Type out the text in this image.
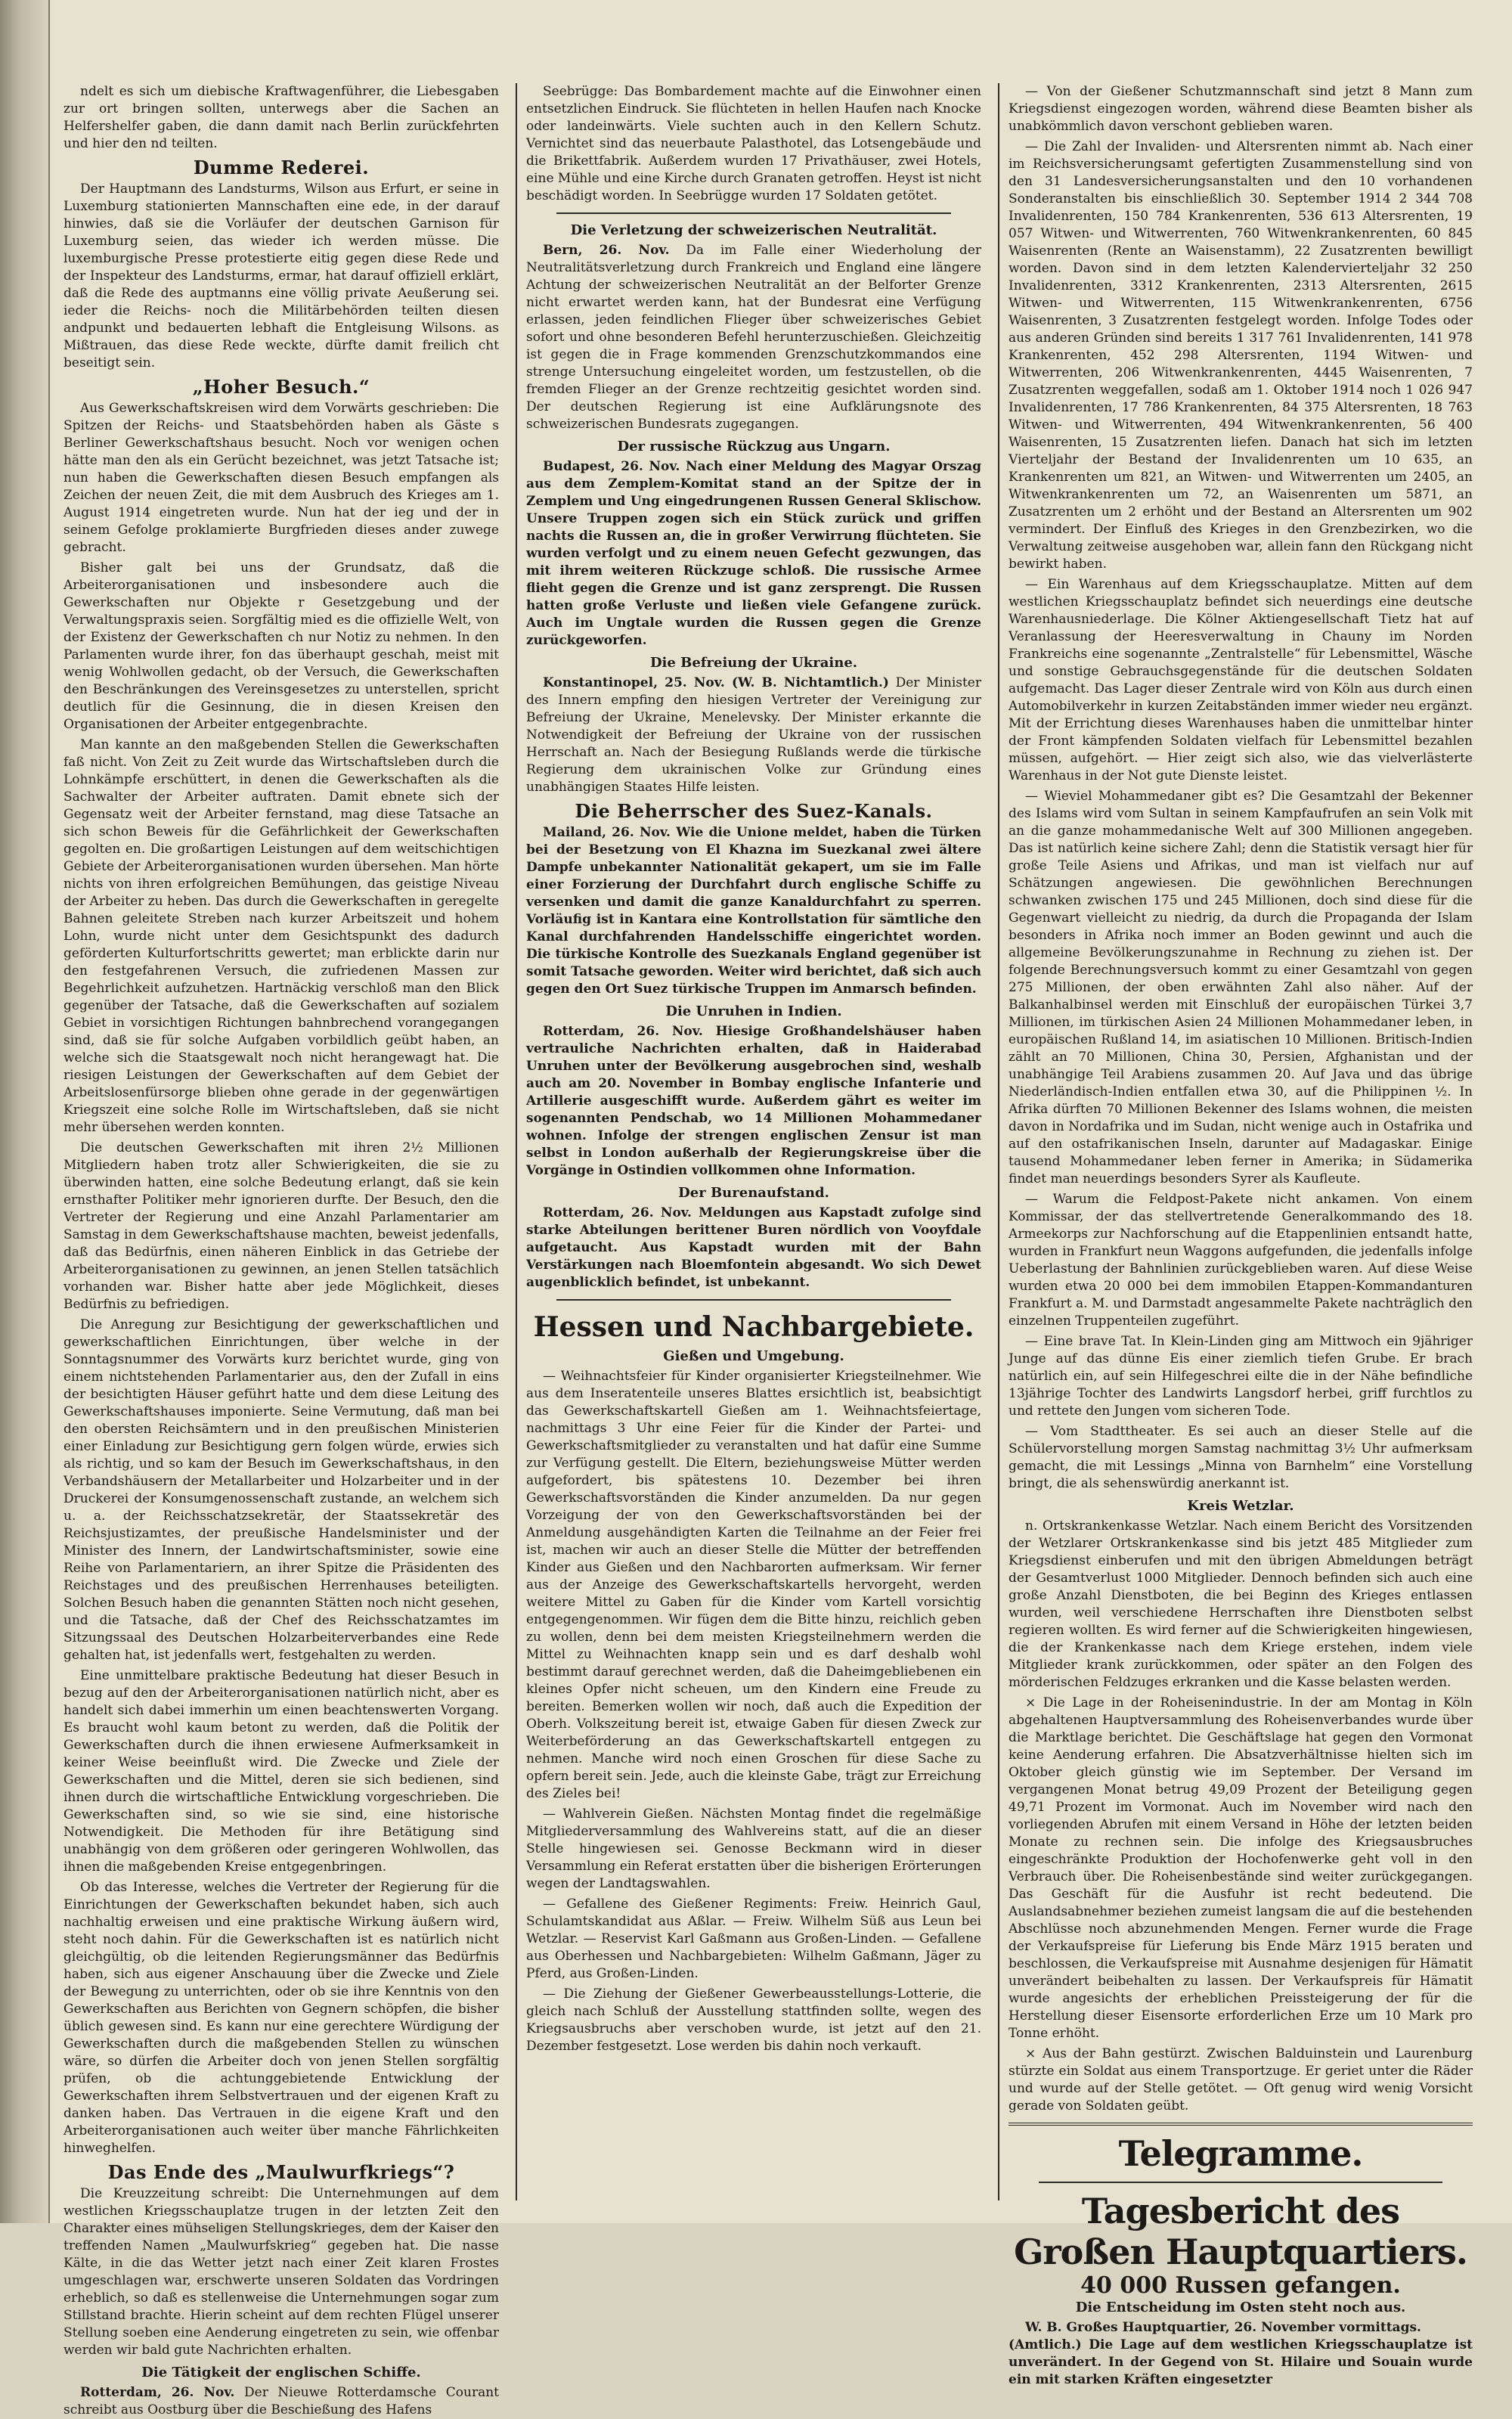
ndelt es sich um diebische Kraftwagenführer, die Liebesgaben zur ort bringen sollten, unterwegs aber die Sachen an Helfershelfer gaben, die dann damit nach Berlin zurückfehrten und hier den nd teilten.

Dumme Rederei.

Der Hauptmann des Landsturms, Wilson aus Erfurt, er seine in Luxemburg stationierten Mannschaften eine ede, in der darauf hinwies, daß sie die Vorläufer der deutschen Garnison für Luxemburg seien, das wieder ich werden müsse. Die luxemburgische Presse protestierte eitig gegen diese Rede und der Inspekteur des Landsturms, ermar, hat darauf offiziell erklärt, daß die Rede des auptmanns eine völlig private Aeußerung sei. ieder die Reichs- noch die Militärbehörden teilten diesen andpunkt und bedauerten lebhaft die Entgleisung Wilsons. as Mißtrauen, das diese Rede weckte, dürfte damit freilich cht beseitigt sein.

„Hoher Besuch.“

Aus Gewerkschaftskreisen wird dem Vorwärts geschrieben: Die Spitzen der Reichs- und Staatsbehörden haben als Gäste s Berliner Gewerkschaftshaus besucht. Noch vor wenigen ochen hätte man den als ein Gerücht bezeichnet, was jetzt Tatsache ist; nun haben die Gewerkschaften diesen Besuch empfangen als Zeichen der neuen Zeit, die mit dem Ausbruch des Krieges am 1. August 1914 eingetreten wurde. Nun hat der ieg und der in seinem Gefolge proklamierte Burgfrieden dieses ander zuwege gebracht.

Bisher galt bei uns der Grundsatz, daß die Arbeiterorganisationen und insbesondere auch die Gewerkschaften nur Objekte r Gesetzgebung und der Verwaltungspraxis seien. Sorgfältig mied es die offizielle Welt, von der Existenz der Gewerkschaften ch nur Notiz zu nehmen. In den Parlamenten wurde ihrer, fon das überhaupt geschah, meist mit wenig Wohlwollen gedacht, ob der Versuch, die Gewerkschaften den Beschränkungen des Vereinsgesetzes zu unterstellen, spricht deutlich für die Gesinnung, die in diesen Kreisen den Organisationen der Arbeiter entgegenbrachte.

Man kannte an den maßgebenden Stellen die Gewerkschaften faß nicht. Von Zeit zu Zeit wurde das Wirtschaftsleben durch die Lohnkämpfe erschüttert, in denen die Gewerkschaften als die Sachwalter der Arbeiter auftraten. Damit ebnete sich der Gegensatz weit der Arbeiter fernstand, mag diese Tatsache an sich schon Beweis für die Gefährlichkeit der Gewerkschaften gegolten en. Die großartigen Leistungen auf dem weitschichtigen Gebiete der Arbeiterorganisationen wurden übersehen. Man hörte nichts von ihren erfolgreichen Bemühungen, das geistige Niveau der Arbeiter zu heben. Das durch die Gewerkschaften in geregelte Bahnen geleitete Streben nach kurzer Arbeitszeit und hohem Lohn, wurde nicht unter dem Gesichtspunkt des dadurch geförderten Kulturfortschritts gewertet; man erblickte darin nur den festgefahrenen Versuch, die zufriedenen Massen zur Begehrlichkeit aufzuhetzen. Hartnäckig verschloß man den Blick gegenüber der Tatsache, daß die Gewerkschaften auf sozialem Gebiet in vorsichtigen Richtungen bahnbrechend vorangegangen sind, daß sie für solche Aufgaben vorbildlich geübt haben, an welche sich die Staatsgewalt noch nicht herangewagt hat. Die riesigen Leistungen der Gewerkschaften auf dem Gebiet der Arbeitslosenfürsorge blieben ohne gerade in der gegenwärtigen Kriegszeit eine solche Rolle im Wirtschaftsleben, daß sie nicht mehr übersehen werden konnten.

Die deutschen Gewerkschaften mit ihren 2½ Millionen Mitgliedern haben trotz aller Schwierigkeiten, die sie zu überwinden hatten, eine solche Bedeutung erlangt, daß sie kein ernsthafter Politiker mehr ignorieren durfte. Der Besuch, den die Vertreter der Regierung und eine Anzahl Parlamentarier am Samstag in dem Gewerkschaftshause machten, beweist jedenfalls, daß das Bedürfnis, einen näheren Einblick in das Getriebe der Arbeiterorganisationen zu gewinnen, an jenen Stellen tatsächlich vorhanden war. Bisher hatte aber jede Möglichkeit, dieses Bedürfnis zu befriedigen.

Die Anregung zur Besichtigung der gewerkschaftlichen und gewerkschaftlichen Einrichtungen, über welche in der Sonntagsnummer des Vorwärts kurz berichtet wurde, ging von einem nichtstehenden Parlamentarier aus, den der Zufall in eins der besichtigten Häuser geführt hatte und dem diese Leitung des Gewerkschaftshauses imponierte. Seine Vermutung, daß man bei den obersten Reichsämtern und in den preußischen Ministerien einer Einladung zur Besichtigung gern folgen würde, erwies sich als richtig, und so kam der Besuch im Gewerkschaftshaus, in den Verbandshäusern der Metallarbeiter und Holzarbeiter und in der Druckerei der Konsumgenossenschaft zustande, an welchem sich u. a. der Reichsschatzsekretär, der Staatssekretär des Reichsjustizamtes, der preußische Handelsminister und der Minister des Innern, der Landwirtschaftsminister, sowie eine Reihe von Parlamentariern, an ihrer Spitze die Präsidenten des Reichstages und des preußischen Herrenhauses beteiligten. Solchen Besuch haben die genannten Stätten noch nicht gesehen, und die Tatsache, daß der Chef des Reichsschatzamtes im Sitzungssaal des Deutschen Holzarbeiterverbandes eine Rede gehalten hat, ist jedenfalls wert, festgehalten zu werden.

Eine unmittelbare praktische Bedeutung hat dieser Besuch in bezug auf den der Arbeiterorganisationen natürlich nicht, aber es handelt sich dabei immerhin um einen beachtenswerten Vorgang. Es braucht wohl kaum betont zu werden, daß die Politik der Gewerkschaften durch die ihnen erwiesene Aufmerksamkeit in keiner Weise beeinflußt wird. Die Zwecke und Ziele der Gewerkschaften und die Mittel, deren sie sich bedienen, sind ihnen durch die wirtschaftliche Entwicklung vorgeschrieben. Die Gewerkschaften sind, so wie sie sind, eine historische Notwendigkeit. Die Methoden für ihre Betätigung sind unabhängig von dem größeren oder geringeren Wohlwollen, das ihnen die maßgebenden Kreise entgegenbringen.

Ob das Interesse, welches die Vertreter der Regierung für die Einrichtungen der Gewerkschaften bekundet haben, sich auch nachhaltig erweisen und eine praktische Wirkung äußern wird, steht noch dahin. Für die Gewerkschaften ist es natürlich nicht gleichgültig, ob die leitenden Regierungsmänner das Bedürfnis haben, sich aus eigener Anschauung über die Zwecke und Ziele der Bewegung zu unterrichten, oder ob sie ihre Kenntnis von den Gewerkschaften aus Berichten von Gegnern schöpfen, die bisher üblich gewesen sind. Es kann nur eine gerechtere Würdigung der Gewerkschaften durch die maßgebenden Stellen zu wünschen wäre, so dürfen die Arbeiter doch von jenen Stellen sorgfältig prüfen, ob die achtunggebietende Entwicklung der Gewerkschaften ihrem Selbstvertrauen und der eigenen Kraft zu danken haben. Das Vertrauen in die eigene Kraft und den Arbeiterorganisationen auch weiter über manche Fährlichkeiten hinweghelfen.

Das Ende des „Maulwurfkriegs“?

Die Kreuzzeitung schreibt: Die Unternehmungen auf dem westlichen Kriegsschauplatze trugen in der letzten Zeit den Charakter eines mühseligen Stellungskrieges, dem der Kaiser den treffenden Namen „Maulwurfskrieg“ gegeben hat. Die nasse Kälte, in die das Wetter jetzt nach einer Zeit klaren Frostes umgeschlagen war, erschwerte unseren Soldaten das Vordringen erheblich, so daß es stellenweise die Unternehmungen sogar zum Stillstand brachte. Hierin scheint auf dem rechten Flügel unserer Stellung soeben eine Aenderung eingetreten zu sein, wie offenbar werden wir bald gute Nachrichten erhalten.

Die Tätigkeit der englischen Schiffe.

Rotterdam, 26. Nov. Der Nieuwe Rotterdamsche Courant schreibt aus Oostburg über die Beschießung des Hafens

Seebrügge: Das Bombardement machte auf die Einwohner einen entsetzlichen Eindruck. Sie flüchteten in hellen Haufen nach Knocke oder landeinwärts. Viele suchten auch in den Kellern Schutz. Vernichtet sind das neuerbaute Palasthotel, das Lotsengebäude und die Brikettfabrik. Außerdem wurden 17 Privathäuser, zwei Hotels, eine Mühle und eine Kirche durch Granaten getroffen. Heyst ist nicht beschädigt worden. In Seebrügge wurden 17 Soldaten getötet.

Die Verletzung der schweizerischen Neutralität.

Bern, 26. Nov. Da im Falle einer Wiederholung der Neutralitätsverletzung durch Frankreich und England eine längere Achtung der schweizerischen Neutralität an der Belforter Grenze nicht erwartet werden kann, hat der Bundesrat eine Verfügung erlassen, jeden feindlichen Flieger über schweizerisches Gebiet sofort und ohne besonderen Befehl herunterzuschießen. Gleichzeitig ist gegen die in Frage kommenden Grenzschutzkommandos eine strenge Untersuchung eingeleitet worden, um festzustellen, ob die fremden Flieger an der Grenze rechtzeitig gesichtet worden sind. Der deutschen Regierung ist eine Aufklärungsnote des schweizerischen Bundesrats zugegangen.

Der russische Rückzug aus Ungarn.

Budapest, 26. Nov. Nach einer Meldung des Magyar Orszag aus dem Zemplem-Komitat stand an der Spitze der in Zemplem und Ung eingedrungenen Russen General Sklischow. Unsere Truppen zogen sich ein Stück zurück und griffen nachts die Russen an, die in großer Verwirrung flüchteten. Sie wurden verfolgt und zu einem neuen Gefecht gezwungen, das mit ihrem weiteren Rückzuge schloß. Die russische Armee flieht gegen die Grenze und ist ganz zersprengt. Die Russen hatten große Verluste und ließen viele Gefangene zurück. Auch im Ungtale wurden die Russen gegen die Grenze zurückgeworfen.

Die Befreiung der Ukraine.

Konstantinopel, 25. Nov. (W. B. Nichtamtlich.) Der Minister des Innern empfing den hiesigen Vertreter der Vereinigung zur Befreiung der Ukraine, Menelevsky. Der Minister erkannte die Notwendigkeit der Befreiung der Ukraine von der russischen Herrschaft an. Nach der Besiegung Rußlands werde die türkische Regierung dem ukrainischen Volke zur Gründung eines unabhängigen Staates Hilfe leisten.

Die Beherrscher des Suez-Kanals.

Mailand, 26. Nov. Wie die Unione meldet, haben die Türken bei der Besetzung von El Khazna im Suezkanal zwei ältere Dampfe unbekannter Nationalität gekapert, um sie im Falle einer Forzierung der Durchfahrt durch englische Schiffe zu versenken und damit die ganze Kanaldurchfahrt zu sperren. Vorläufig ist in Kantara eine Kontrollstation für sämtliche den Kanal durchfahrenden Handelsschiffe eingerichtet worden. Die türkische Kontrolle des Suezkanals England gegenüber ist somit Tatsache geworden. Weiter wird berichtet, daß sich auch gegen den Ort Suez türkische Truppen im Anmarsch befinden.

Die Unruhen in Indien.

Rotterdam, 26. Nov. Hiesige Großhandelshäuser haben vertrauliche Nachrichten erhalten, daß in Haiderabad Unruhen unter der Bevölkerung ausgebrochen sind, weshalb auch am 20. November in Bombay englische Infanterie und Artillerie ausgeschifft wurde. Außerdem gährt es weiter im sogenannten Pendschab, wo 14 Millionen Mohammedaner wohnen. Infolge der strengen englischen Zensur ist man selbst in London außerhalb der Regierungskreise über die Vorgänge in Ostindien vollkommen ohne Information.

Der Burenaufstand.

Rotterdam, 26. Nov. Meldungen aus Kapstadt zufolge sind starke Abteilungen berittener Buren nördlich von Vooyfdale aufgetaucht. Aus Kapstadt wurden mit der Bahn Verstärkungen nach Bloemfontein abgesandt. Wo sich Dewet augenblicklich befindet, ist unbekannt.

Hessen und Nachbargebiete.
Gießen und Umgebung.

— Weihnachtsfeier für Kinder organisierter Kriegsteilnehmer. Wie aus dem Inseratenteile unseres Blattes ersichtlich ist, beabsichtigt das Gewerkschaftskartell Gießen am 1. Weihnachtsfeiertage, nachmittags 3 Uhr eine Feier für die Kinder der Partei- und Gewerkschaftsmitglieder zu veranstalten und hat dafür eine Summe zur Verfügung gestellt. Die Eltern, beziehungsweise Mütter werden aufgefordert, bis spätestens 10. Dezember bei ihren Gewerkschaftsvorständen die Kinder anzumelden. Da nur gegen Vorzeigung der von den Gewerkschaftsvorständen bei der Anmeldung ausgehändigten Karten die Teilnahme an der Feier frei ist, machen wir auch an dieser Stelle die Mütter der betreffenden Kinder aus Gießen und den Nachbarorten aufmerksam. Wir ferner aus der Anzeige des Gewerkschaftskartells hervorgeht, werden weitere Mittel zu Gaben für die Kinder vom Kartell vorsichtig entgegengenommen. Wir fügen dem die Bitte hinzu, reichlich geben zu wollen, denn bei dem meisten Kriegsteilnehmern werden die Mittel zu Weihnachten knapp sein und es darf deshalb wohl bestimmt darauf gerechnet werden, daß die Daheimgebliebenen ein kleines Opfer nicht scheuen, um den Kindern eine Freude zu bereiten. Bemerken wollen wir noch, daß auch die Expedition der Oberh. Volkszeitung bereit ist, etwaige Gaben für diesen Zweck zur Weiterbeförderung an das Gewerkschaftskartell entgegen zu nehmen. Manche wird noch einen Groschen für diese Sache zu opfern bereit sein. Jede, auch die kleinste Gabe, trägt zur Erreichung des Zieles bei!

— Wahlverein Gießen. Nächsten Montag findet die regelmäßige Mitgliederversammlung des Wahlvereins statt, auf die an dieser Stelle hingewiesen sei. Genosse Beckmann wird in dieser Versammlung ein Referat erstatten über die bisherigen Erörterungen wegen der Landtagswahlen.

— Gefallene des Gießener Regiments: Freiw. Heinrich Gaul, Schulamtskandidat aus Aßlar. — Freiw. Wilhelm Süß aus Leun bei Wetzlar. — Reservist Karl Gaßmann aus Großen-Linden. — Gefallene aus Oberhessen und Nachbargebieten: Wilhelm Gaßmann, Jäger zu Pferd, aus Großen-Linden.

— Die Ziehung der Gießener Gewerbeausstellungs-Lotterie, die gleich nach Schluß der Ausstellung stattfinden sollte, wegen des Kriegsausbruchs aber verschoben wurde, ist jetzt auf den 21. Dezember festgesetzt. Lose werden bis dahin noch verkauft.

— Von der Gießener Schutzmannschaft sind jetzt 8 Mann zum Kriegsdienst eingezogen worden, während diese Beamten bisher als unabkömmlich davon verschont geblieben waren.

— Die Zahl der Invaliden- und Altersrenten nimmt ab. Nach einer im Reichsversicherungsamt gefertigten Zusammenstellung sind von den 31 Landesversicherungsanstalten und den 10 vorhandenen Sonderanstalten bis einschließlich 30. September 1914 2 344 708 Invalidenrenten, 150 784 Krankenrenten, 536 613 Altersrenten, 19 057 Witwen- und Witwerrenten, 760 Witwenkrankenrenten, 60 845 Waisenrenten (Rente an Waisenstamm), 22 Zusatzrenten bewilligt worden. Davon sind in dem letzten Kalendervierteljahr 32 250 Invalidenrenten, 3312 Krankenrenten, 2313 Altersrenten, 2615 Witwen- und Witwerrenten, 115 Witwenkrankenrenten, 6756 Waisenrenten, 3 Zusatzrenten festgelegt worden. Infolge Todes oder aus anderen Gründen sind bereits 1 317 761 Invalidenrenten, 141 978 Krankenrenten, 452 298 Altersrenten, 1194 Witwen- und Witwerrenten, 206 Witwenkrankenrenten, 4445 Waisenrenten, 7 Zusatzrenten weggefallen, sodaß am 1. Oktober 1914 noch 1 026 947 Invalidenrenten, 17 786 Krankenrenten, 84 375 Altersrenten, 18 763 Witwen- und Witwerrenten, 494 Witwenkrankenrenten, 56 400 Waisenrenten, 15 Zusatzrenten liefen. Danach hat sich im letzten Vierteljahr der Bestand der Invalidenrenten um 10 635, an Krankenrenten um 821, an Witwen- und Witwerrenten um 2405, an Witwenkrankenrenten um 72, an Waisenrenten um 5871, an Zusatzrenten um 2 erhöht und der Bestand an Altersrenten um 902 vermindert. Der Einfluß des Krieges in den Grenzbezirken, wo die Verwaltung zeitweise ausgehoben war, allein fann den Rückgang nicht bewirkt haben.

— Ein Warenhaus auf dem Kriegsschauplatze. Mitten auf dem westlichen Kriegsschauplatz befindet sich neuerdings eine deutsche Warenhausniederlage. Die Kölner Aktiengesellschaft Tietz hat auf Veranlassung der Heeresverwaltung in Chauny im Norden Frankreichs eine sogenannte „Zentralstelle“ für Lebensmittel, Wäsche und sonstige Gebrauchsgegenstände für die deutschen Soldaten aufgemacht. Das Lager dieser Zentrale wird von Köln aus durch einen Automobilverkehr in kurzen Zeitabständen immer wieder neu ergänzt. Mit der Errichtung dieses Warenhauses haben die unmittelbar hinter der Front kämpfenden Soldaten vielfach für Lebensmittel bezahlen müssen, aufgehört. — Hier zeigt sich also, wie das vielverlästerte Warenhaus in der Not gute Dienste leistet.

— Wieviel Mohammedaner gibt es? Die Gesamtzahl der Bekenner des Islams wird vom Sultan in seinem Kampfaufrufen an sein Volk mit an die ganze mohammedanische Welt auf 300 Millionen angegeben. Das ist natürlich keine sichere Zahl; denn die Statistik versagt hier für große Teile Asiens und Afrikas, und man ist vielfach nur auf Schätzungen angewiesen. Die gewöhnlichen Berechnungen schwanken zwischen 175 und 245 Millionen, doch sind diese für die Gegenwart vielleicht zu niedrig, da durch die Propaganda der Islam besonders in Afrika noch immer an Boden gewinnt und auch die allgemeine Bevölkerungszunahme in Rechnung zu ziehen ist. Der folgende Berechnungsversuch kommt zu einer Gesamtzahl von gegen 275 Millionen, der oben erwähnten Zahl also näher. Auf der Balkanhalbinsel werden mit Einschluß der europäischen Türkei 3,7 Millionen, im türkischen Asien 24 Millionen Mohammedaner leben, in europäischen Rußland 14, im asiatischen 10 Millionen. Britisch-Indien zählt an 70 Millionen, China 30, Persien, Afghanistan und der unabhängige Teil Arabiens zusammen 20. Auf Java und das übrige Niederländisch-Indien entfallen etwa 30, auf die Philippinen ½. In Afrika dürften 70 Millionen Bekenner des Islams wohnen, die meisten davon in Nordafrika und im Sudan, nicht wenige auch in Ostafrika und auf den ostafrikanischen Inseln, darunter auf Madagaskar. Einige tausend Mohammedaner leben ferner in Amerika; in Südamerika findet man neuerdings besonders Syrer als Kaufleute.

— Warum die Feldpost-Pakete nicht ankamen. Von einem Kommissar, der das stellvertretende Generalkommando des 18. Armeekorps zur Nachforschung auf die Etappenlinien entsandt hatte, wurden in Frankfurt neun Waggons aufgefunden, die jedenfalls infolge Ueberlastung der Bahnlinien zurückgeblieben waren. Auf diese Weise wurden etwa 20 000 bei dem immobilen Etappen-Kommandanturen Frankfurt a. M. und Darmstadt angesammelte Pakete nachträglich den einzelnen Truppenteilen zugeführt.

— Eine brave Tat. In Klein-Linden ging am Mittwoch ein 9jähriger Junge auf das dünne Eis einer ziemlich tiefen Grube. Er brach natürlich ein, auf sein Hilfegeschrei eilte die in der Nähe befindliche 13jährige Tochter des Landwirts Langsdorf herbei, griff furchtlos zu und rettete den Jungen vom sicheren Tode.

— Vom Stadttheater. Es sei auch an dieser Stelle auf die Schülervorstellung morgen Samstag nachmittag 3½ Uhr aufmerksam gemacht, die mit Lessings „Minna von Barnhelm“ eine Vorstellung bringt, die als sehenswürdig anerkannt ist.

Kreis Wetzlar.

n. Ortskrankenkasse Wetzlar. Nach einem Bericht des Vorsitzenden der Wetzlarer Ortskrankenkasse sind bis jetzt 485 Mitglieder zum Kriegsdienst einberufen und mit den übrigen Abmeldungen beträgt der Gesamtverlust 1000 Mitglieder. Dennoch befinden sich auch eine große Anzahl Dienstboten, die bei Beginn des Krieges entlassen wurden, weil verschiedene Herrschaften ihre Dienstboten selbst regieren wollten. Es wird ferner auf die Schwierigkeiten hingewiesen, die der Krankenkasse nach dem Kriege erstehen, indem viele Mitglieder krank zurückkommen, oder später an den Folgen des mörderischen Feldzuges erkranken und die Kasse belasten werden.

× Die Lage in der Roheisenindustrie. In der am Montag in Köln abgehaltenen Hauptversammlung des Roheisenverbandes wurde über die Marktlage berichtet. Die Geschäftslage hat gegen den Vormonat keine Aenderung erfahren. Die Absatzverhältnisse hielten sich im Oktober gleich günstig wie im September. Der Versand im vergangenen Monat betrug 49,09 Prozent der Beteiligung gegen 49,71 Prozent im Vormonat. Auch im November wird nach den vorliegenden Abrufen mit einem Versand in Höhe der letzten beiden Monate zu rechnen sein. Die infolge des Kriegsausbruches eingeschränkte Produktion der Hochofenwerke geht voll in den Verbrauch über. Die Roheisenbestände sind weiter zurückgegangen. Das Geschäft für die Ausfuhr ist recht bedeutend. Die Auslandsabnehmer beziehen zumeist langsam die auf die bestehenden Abschlüsse noch abzunehmenden Mengen. Ferner wurde die Frage der Verkaufspreise für Lieferung bis Ende März 1915 beraten und beschlossen, die Verkaufspreise mit Ausnahme desjenigen für Hämatit unverändert beibehalten zu lassen. Der Verkaufspreis für Hämatit wurde angesichts der erheblichen Preissteigerung der für die Herstellung dieser Eisensorte erforderlichen Erze um 10 Mark pro Tonne erhöht.

× Aus der Bahn gestürzt. Zwischen Balduinstein und Laurenburg stürzte ein Soldat aus einem Transportzuge. Er geriet unter die Räder und wurde auf der Stelle getötet. — Oft genug wird wenig Vorsicht gerade von Soldaten geübt.

Telegramme.
Tagesbericht des Großen Hauptquartiers.
40 000 Russen gefangen.
Die Entscheidung im Osten steht noch aus.

W. B. Großes Hauptquartier, 26. November vormittags.
(Amtlich.) Die Lage auf dem westlichen Kriegsschauplatze ist unverändert. In der Gegend von St. Hilaire und Souain wurde ein mit starken Kräften eingesetzter
